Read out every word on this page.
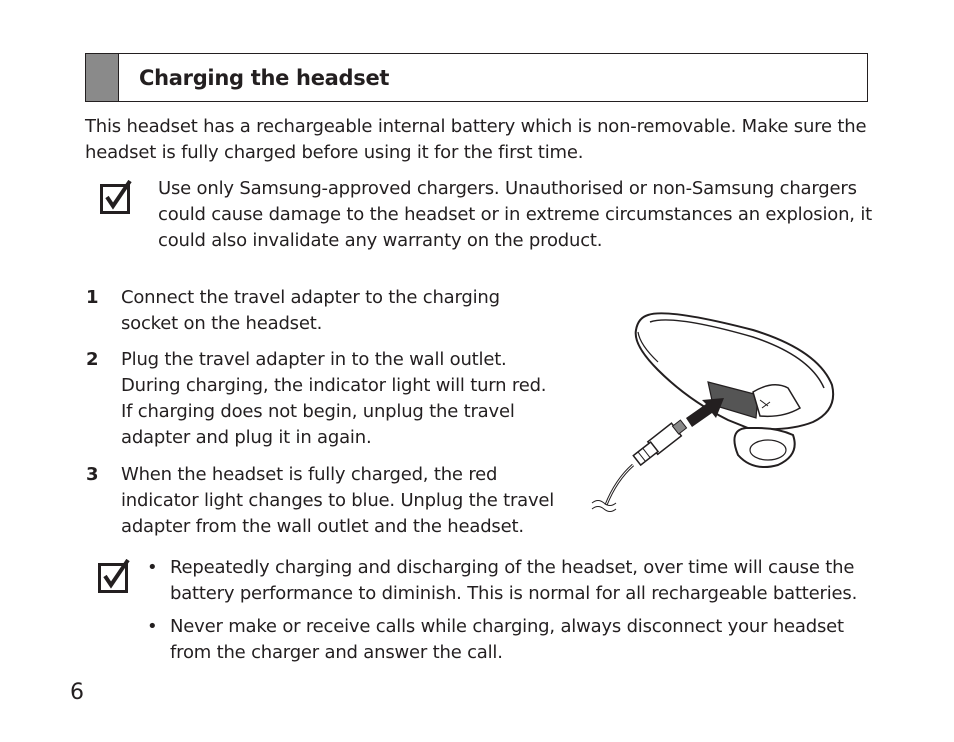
Charging the headset
This headset has a rechargeable internal battery which is non-removable. Make sure the headset is fully charged before using it for the first time.
Use only Samsung-approved chargers. Unauthorised or non-Samsung chargers could cause damage to the headset or in extreme circumstances an explosion, it could also invalidate any warranty on the product.
1 Connect the travel adapter to the charging socket on the headset.
2 Plug the travel adapter in to the wall outlet. During charging, the indicator light will turn red. If charging does not begin, unplug the travel adapter and plug it in again.
3 When the headset is fully charged, the red indicator light changes to blue. Unplug the travel adapter from the wall outlet and the headset.
• Repeatedly charging and discharging of the headset, over time will cause the battery performance to diminish. This is normal for all rechargeable batteries.
• Never make or receive calls while charging, always disconnect your headset from the charger and answer the call.
6
